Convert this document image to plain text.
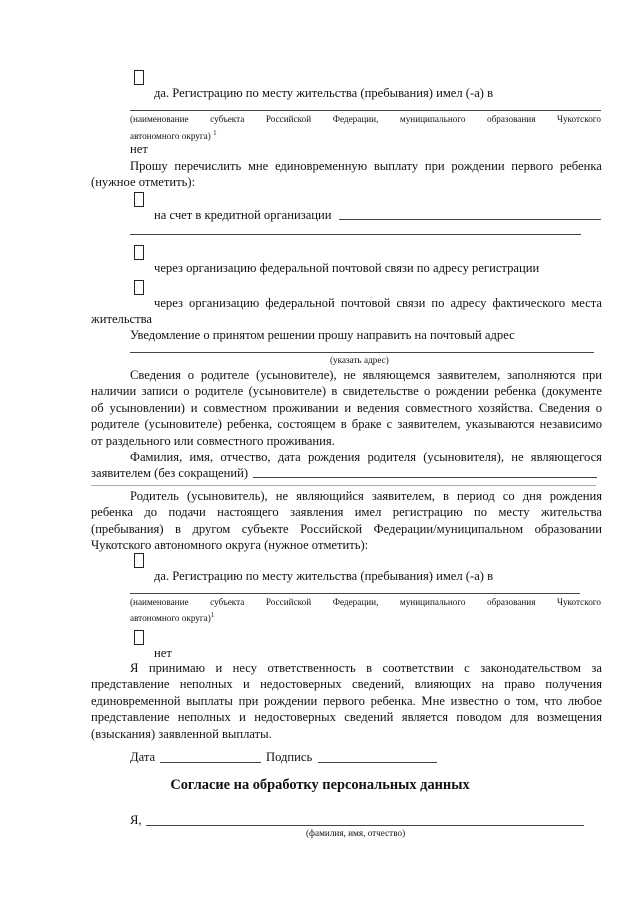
да. Регистрацию по месту жительства (пребывания) имел (-а) в
(наименование субъекта Российской Федерации, муниципального образования Чукотского
автономного округа) $^1$
нет
Прошу перечислить мне единовременную выплату при рождении первого ребенка
(нужное отметить):
на счет в кредитной организации
через организацию федеральной почтовой связи по адресу регистрации
через организацию федеральной почтовой связи по адресу фактического места
жительства
Уведомление о принятом решении прошу направить на почтовый адрес
(указать адрес)
Сведения о родителе (усыновителе), не являющемся заявителем, заполняются при
наличии записи о родителе (усыновителе) в свидетельстве о рождении ребенка (документе
об усыновлении) и совместном проживании и ведения совместного хозяйства. Сведения о
родителе (усыновителе) ребенка, состоящем в браке с заявителем, указываются независимо
от раздельного или совместного проживания.
Фамилия, имя, отчество, дата рождения родителя (усыновителя), не являющегося
заявителем (без сокращений)
Родитель (усыновитель), не являющийся заявителем, в период со дня рождения
ребенка до подачи настоящего заявления имел регистрацию по месту жительства
(пребывания) в другом субъекте Российской Федерации/муниципальном образовании
Чукотского автономного округа (нужное отметить):
да. Регистрацию по месту жительства (пребывания) имел (-а) в
(наименование субъекта Российской Федерации, муниципального образования Чукотского
автономного округа)$^1$
нет
Я принимаю и несу ответственность в соответствии с законодательством за
представление неполных и недостоверных сведений, влияющих на право получения
единовременной выплаты при рождении первого ребенка. Мне известно о том, что любое
представление неполных и недостоверных сведений является поводом для возмещения
(взыскания) заявленной выплаты.
Дата	Подпись
Согласие на обработку персональных данных
Я,
(фамилия, имя, отчество)
